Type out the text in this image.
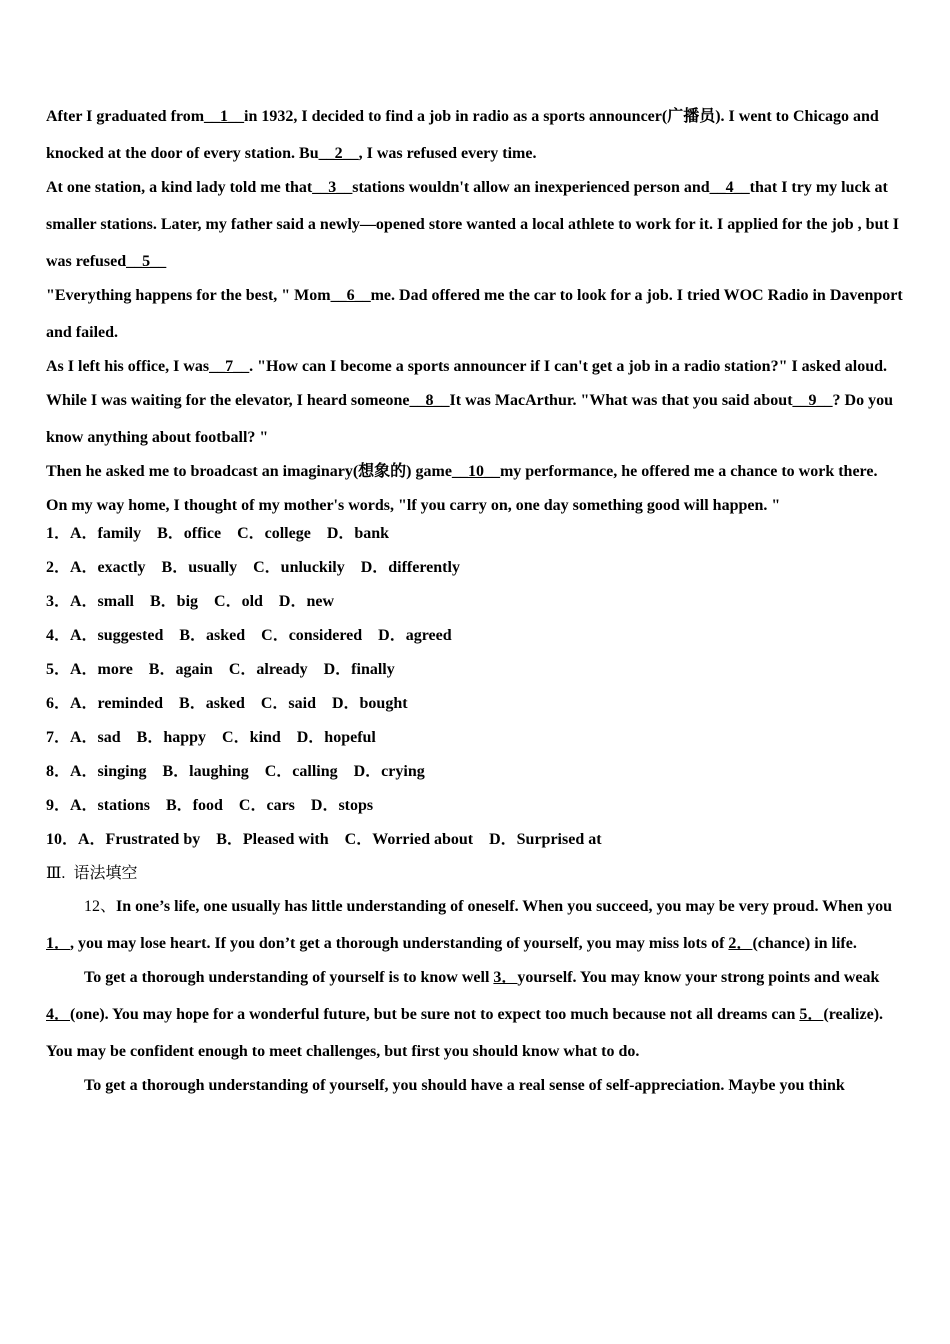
After I graduated from__1__in 1932, I decided to find a job in radio as a sports announcer(广播员). I went to Chicago and knocked at the door of every station. Bu__2__, I was refused every time.

At one station, a kind lady told me that__3__stations wouldn't allow an inexperienced person and__4__that I try my luck at smaller stations. Later, my father said a newly—opened store wanted a local athlete to work for it. I applied for the job , but I was refused__5__

"Everything happens for the best, " Mom__6__me. Dad offered me the car to look for a job. I tried WOC Radio in Davenport and failed.

As I left his office, I was__7__. "How can I become a sports announcer if I can't get a job in a radio station?" I asked aloud.

While I was waiting for the elevator, I heard someone__8__It was MacArthur. "What was that you said about__9__? Do you know anything about football? "

Then he asked me to broadcast an imaginary(想象的) game__10__my performance, he offered me a chance to work there.

On my way home, I thought of my mother's words, "lf you carry on, one day something good will happen. "

1．A．family    B．office    C．college    D．bank

2．A．exactly    B．usually    C．unluckily    D．differently

3．A．small    B．big    C．old    D．new

4．A．suggested    B．asked    C．considered    D．agreed

5．A．more    B．again    C．already    D．finally

6．A．reminded    B．asked    C．said    D．bought

7．A．sad    B．happy    C．kind    D．hopeful

8．A．singing    B．laughing    C．calling    D．crying

9．A．stations    B．food    C．cars    D．stops

10．A．Frustrated by    B．Pleased with    C．Worried about    D．Surprised at

Ⅲ. 语法填空

12、In one’s life, one usually has little understanding of oneself. When you succeed, you may be very proud. When you 1．, you may lose heart. If you don’t get a thorough understanding of yourself, you may miss lots of 2．(chance) in life.

To get a thorough understanding of yourself is to know well 3．yourself. You may know your strong points and weak 4．(one). You may hope for a wonderful future, but be sure not to expect too much because not all dreams can 5．(realize). You may be confident enough to meet challenges, but first you should know what to do.

To get a thorough understanding of yourself, you should have a real sense of self-appreciation. Maybe you think
